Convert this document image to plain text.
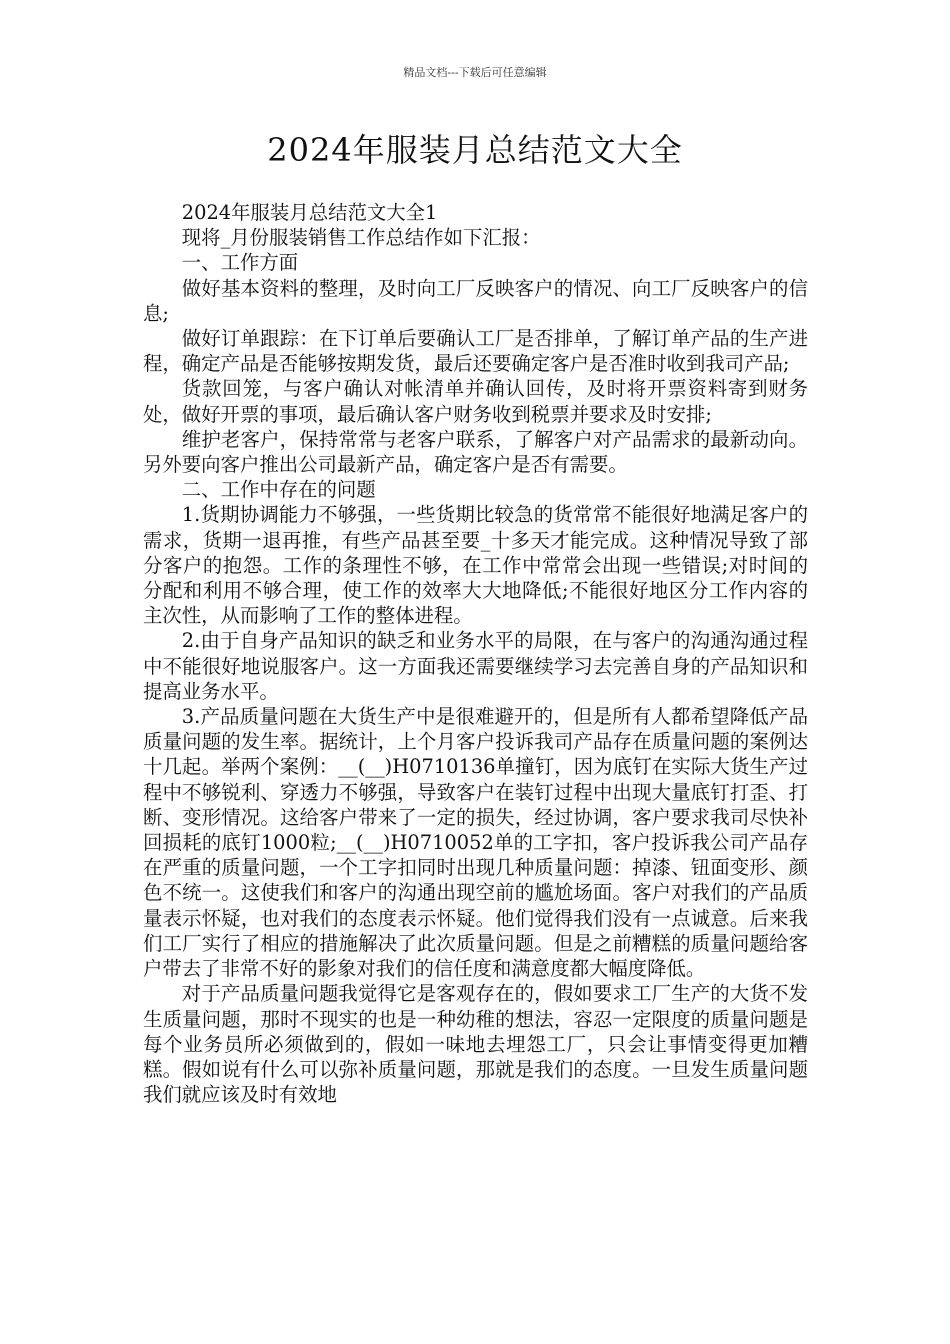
精品文档---下载后可任意编辑
2024年服装月总结范文大全

2024年服装月总结范文大全1

现将_月份服装销售工作总结作如下汇报：

一、工作方面

做好基本资料的整理，及时向工厂反映客户的情况、向工厂反映客户的信息;

做好订单跟踪：在下订单后要确认工厂是否排单，了解订单产品的生产进程，确定产品是否能够按期发货，最后还要确定客户是否准时收到我司产品;

货款回笼，与客户确认对帐清单并确认回传，及时将开票资料寄到财务处，做好开票的事项，最后确认客户财务收到税票并要求及时安排;

维护老客户，保持常常与老客户联系，了解客户对产品需求的最新动向。另外要向客户推出公司最新产品，确定客户是否有需要。

二、工作中存在的问题

1.货期协调能力不够强，一些货期比较急的货常常不能很好地满足客户的需求，货期一退再推，有些产品甚至要_十多天才能完成。这种情况导致了部分客户的抱怨。工作的条理性不够，在工作中常常会出现一些错误;对时间的分配和利用不够合理，使工作的效率大大地降低;不能很好地区分工作内容的主次性，从而影响了工作的整体进程。

2.由于自身产品知识的缺乏和业务水平的局限，在与客户的沟通沟通过程中不能很好地说服客户。这一方面我还需要继续学习去完善自身的产品知识和提高业务水平。

3.产品质量问题在大货生产中是很难避开的，但是所有人都希望降低产品质量问题的发生率。据统计，上个月客户投诉我司产品存在质量问题的案例达十几起。举两个案例：__(__)H0710136单撞钉，因为底钉在实际大货生产过程中不够锐利、穿透力不够强，导致客户在装钉过程中出现大量底钉打歪、打断、变形情况。这给客户带来了一定的损失，经过协调，客户要求我司尽快补回损耗的底钉1000粒;__(__)H0710052单的工字扣，客户投诉我公司产品存在严重的质量问题，一个工字扣同时出现几种质量问题：掉漆、钮面变形、颜色不统一。这使我们和客户的沟通出现空前的尴尬场面。客户对我们的产品质量表示怀疑，也对我们的态度表示怀疑。他们觉得我们没有一点诚意。后来我们工厂实行了相应的措施解决了此次质量问题。但是之前糟糕的质量问题给客户带去了非常不好的影象对我们的信任度和满意度都大幅度降低。

对于产品质量问题我觉得它是客观存在的，假如要求工厂生产的大货不发生质量问题，那时不现实的也是一种幼稚的想法，容忍一定限度的质量问题是每个业务员所必须做到的，假如一味地去埋怨工厂，只会让事情变得更加糟糕。假如说有什么可以弥补质量问题，那就是我们的态度。一旦发生质量问题我们就应该及时有效地
